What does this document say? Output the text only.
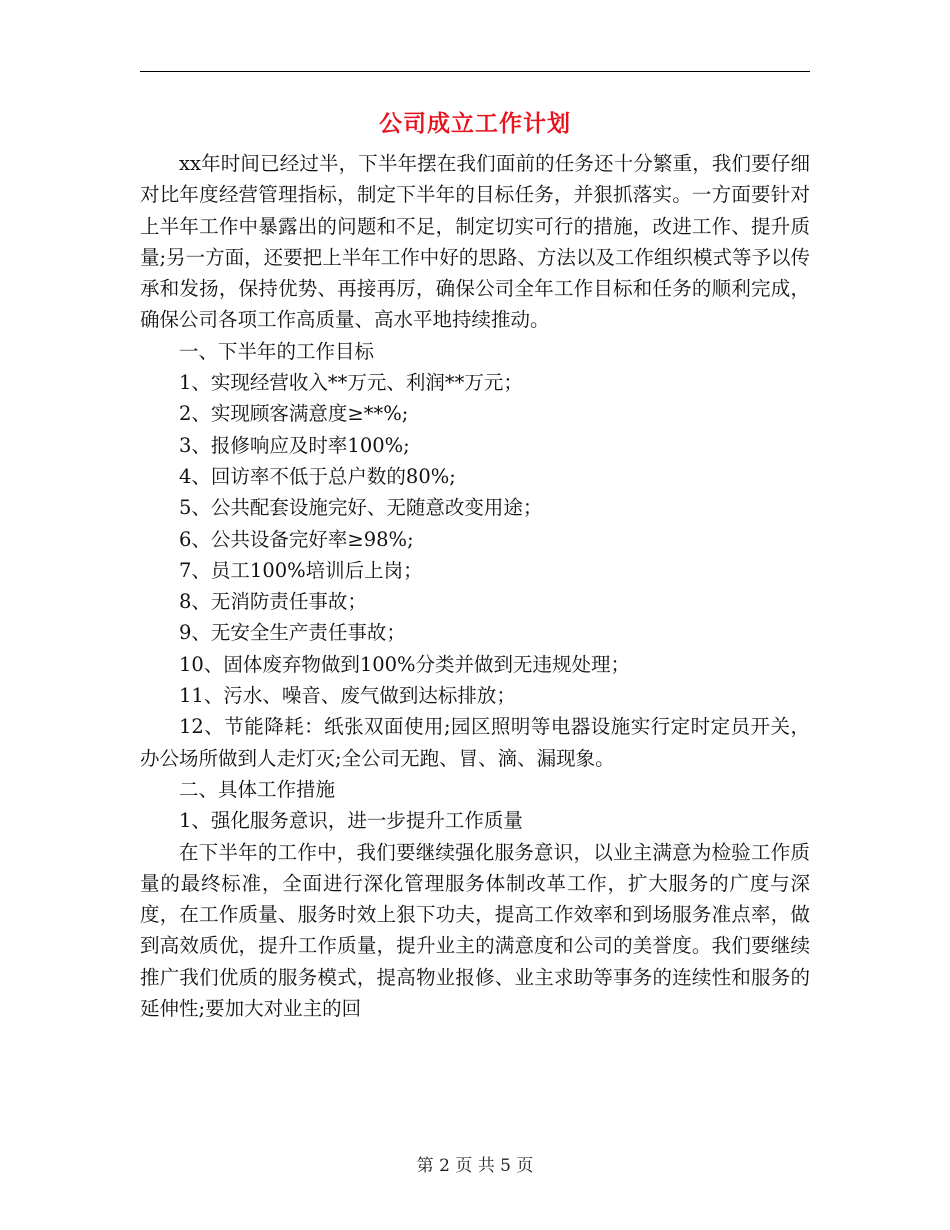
公司成立工作计划

xx年时间已经过半，下半年摆在我们面前的任务还十分繁重，我们要仔细对比年度经营管理指标，制定下半年的目标任务，并狠抓落实。一方面要针对上半年工作中暴露出的问题和不足，制定切实可行的措施，改进工作、提升质量;另一方面，还要把上半年工作中好的思路、方法以及工作组织模式等予以传承和发扬，保持优势、再接再厉，确保公司全年工作目标和任务的顺利完成，确保公司各项工作高质量、高水平地持续推动。

一、下半年的工作目标

1、实现经营收入**万元、利润**万元；

2、实现顾客满意度≥**%;

3、报修响应及时率100%;

4、回访率不低于总户数的80%;

5、公共配套设施完好、无随意改变用途；

6、公共设备完好率≥98%;

7、员工100%培训后上岗；

8、无消防责任事故；

9、无安全生产责任事故；

10、固体废弃物做到100%分类并做到无违规处理；

11、污水、噪音、废气做到达标排放；

12、节能降耗：纸张双面使用;园区照明等电器设施实行定时定员开关，办公场所做到人走灯灭;全公司无跑、冒、滴、漏现象。

二、具体工作措施

1、强化服务意识，进一步提升工作质量

在下半年的工作中，我们要继续强化服务意识，以业主满意为检验工作质量的最终标准，全面进行深化管理服务体制改革工作，扩大服务的广度与深度，在工作质量、服务时效上狠下功夫，提高工作效率和到场服务准点率，做到高效质优，提升工作质量，提升业主的满意度和公司的美誉度。我们要继续推广我们优质的服务模式，提高物业报修、业主求助等事务的连续性和服务的延伸性;要加大对业主的回

第 2 页 共 5 页
